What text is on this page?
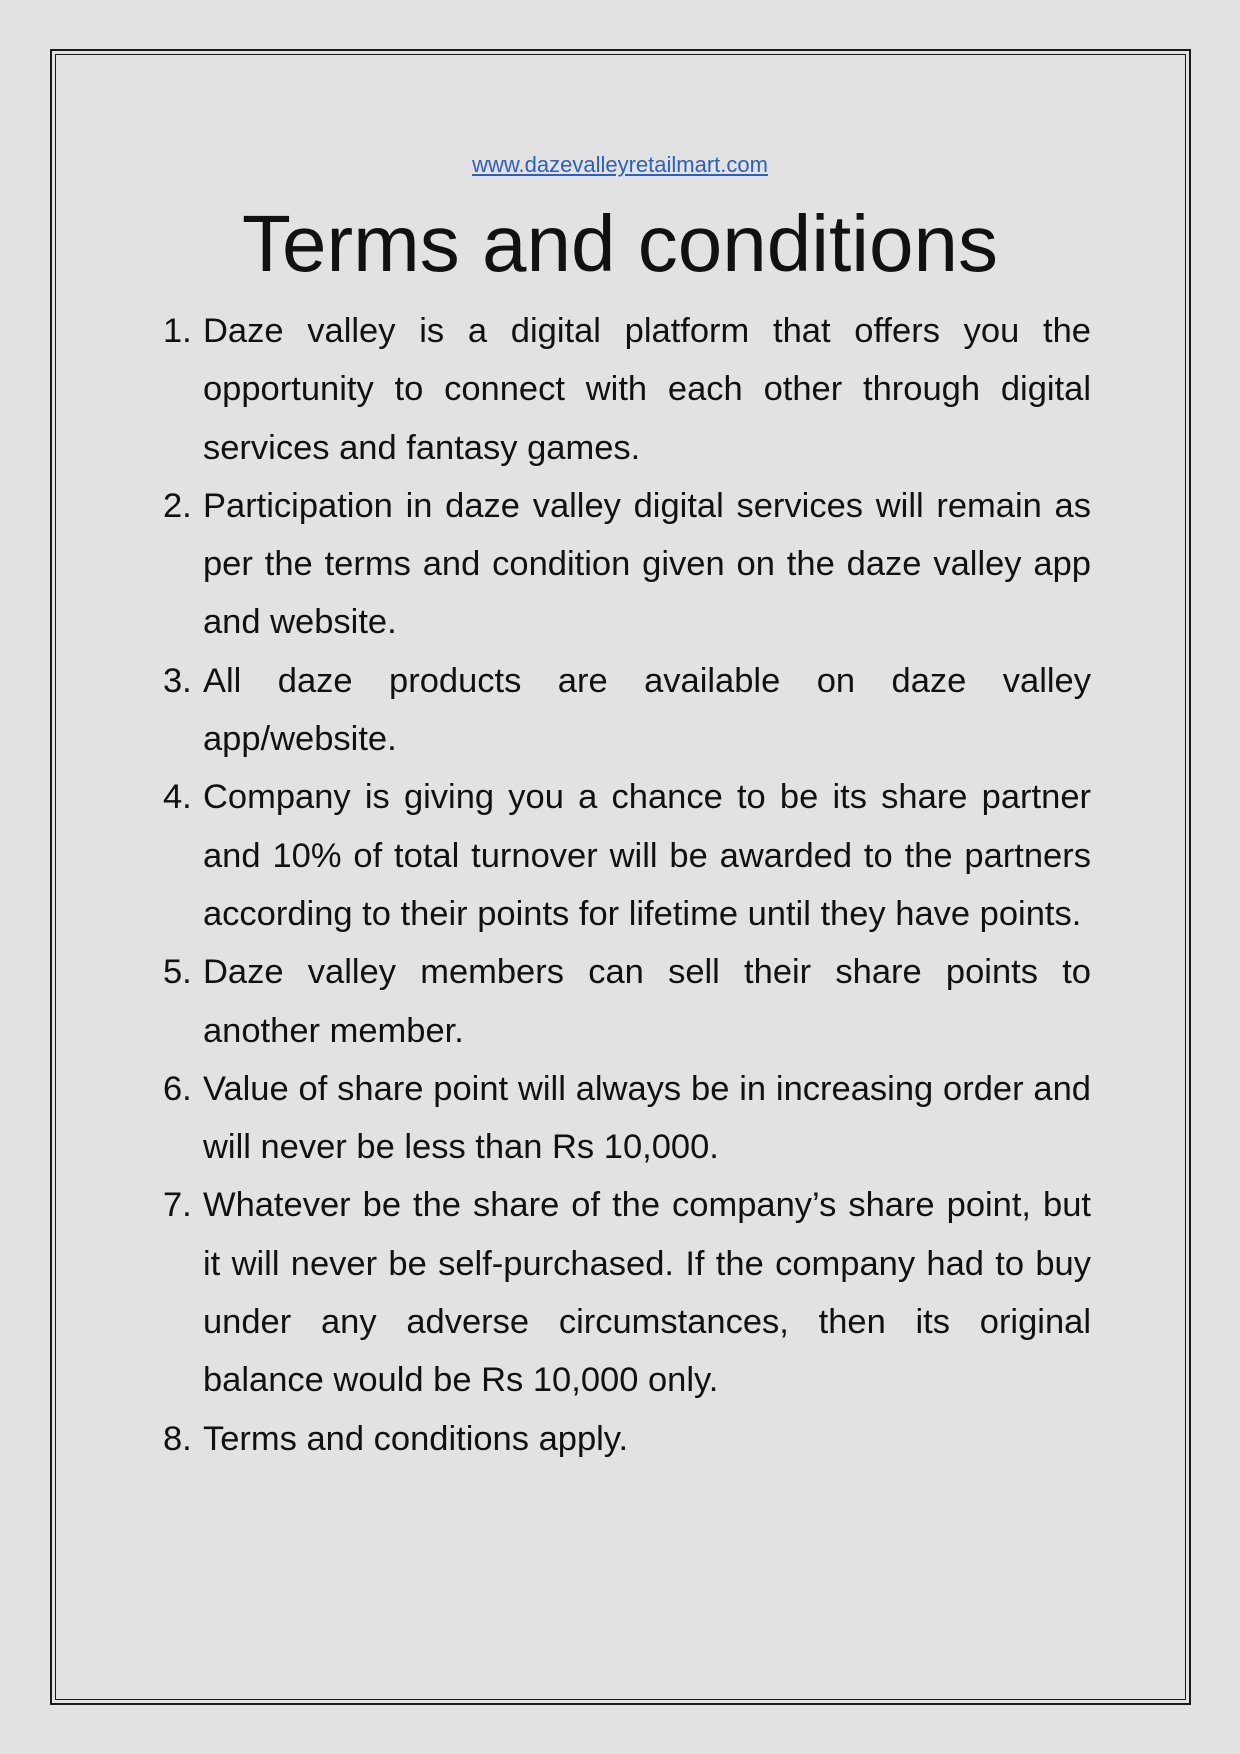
www.dazevalleyretailmart.com
Terms and conditions
1. Daze valley is a digital platform that offers you the opportunity to connect with each other through digital services and fantasy games.
2. Participation in daze valley digital services will remain as per the terms and condition given on the daze valley app and website.
3. All daze products are available on daze valley app/website.
4. Company is giving you a chance to be its share partner and 10% of total turnover will be awarded to the partners according to their points for lifetime until they have points.
5. Daze valley members can sell their share points to another member.
6. Value of share point will always be in increasing order and will never be less than Rs 10,000.
7. Whatever be the share of the company’s share point, but it will never be self-purchased. If the company had to buy under any adverse circumstances, then its original balance would be Rs 10,000 only.
8. Terms and conditions apply.
